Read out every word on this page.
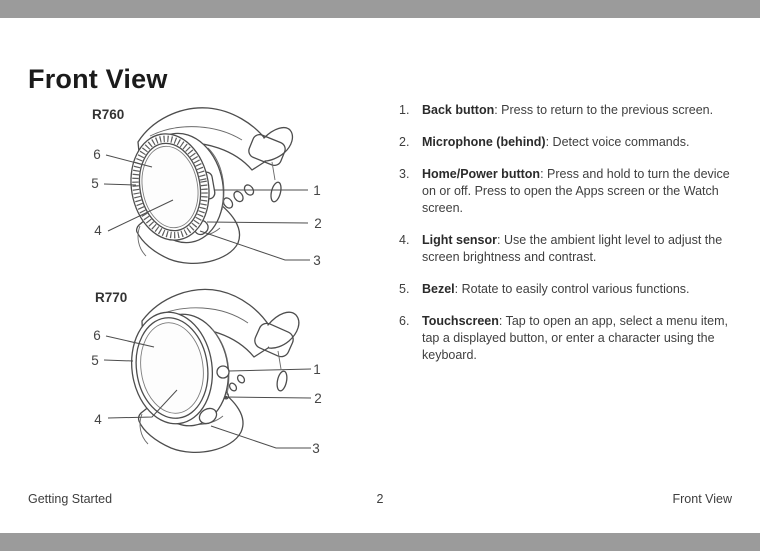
Front View
R760
R770
6
5
4
1
2
3
6
5
4
1
2
3
1.	Back button: Press to return to the previous screen.
2.	Microphone (behind): Detect voice commands.
3.	Home/Power button: Press and hold to turn the device on or off. Press to open the Apps screen or the Watch screen.
4.	Light sensor: Use the ambient light level to adjust the screen brightness and contrast.
5.	Bezel: Rotate to easily control various functions.
6.	Touchscreen: Tap to open an app, select a menu item, tap a displayed button, or enter a character using the keyboard.
Getting Started	2	Front View
